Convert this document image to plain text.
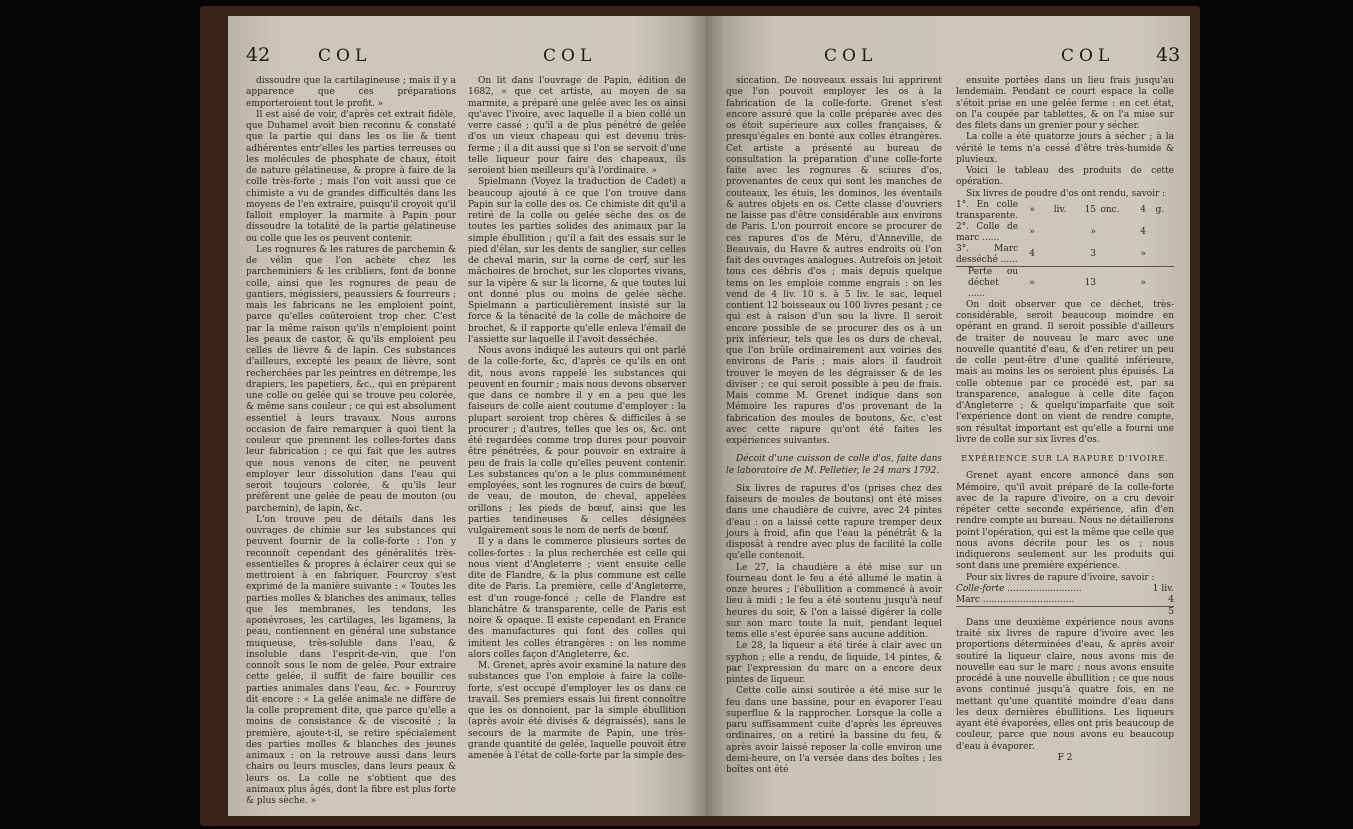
42	COL	COL

dissoudre que la cartilagineuse ; mais il y a apparence que ces préparations emporteroient tout le profit. »

Il est aisé de voir, d'après cet extrait fidèle, que Duhamel avoit bien reconnu & constaté que la partie qui dans les os lie & tient adhérentes entr'elles les parties terreuses ou les molécules de phosphate de chaux, étoit de nature gélatineuse, & propre à faire de la colle très-forte ; mais l'on voit aussi que ce chimiste a vu de grandes difficultés dans les moyens de l'en extraire, puisqu'il croyoit qu'il falloit employer la marmite à Papin pour dissoudre la totalité de la partie gélatineuse ou colle que les os peuvent contenir.

Les rognures & les ratures de parchemin & de vélin que l'on achète chez les parcheminiers & les cribliers, font de bonne colle, ainsi que les rognures de peau de gantiers, mégissiers, peaussiers & fourreurs ; mais les fabricans ne les emploient point, parce qu'elles coûteroient trop cher. C'est par la même raison qu'ils n'emploient point les peaux de castor, & qu'ils emploient peu celles de lièvre & de lapin. Ces substances d'ailleurs, excepté les peaux de lièvre, sont recherchées par les peintres en détrempe, les drapiers, les papetiers, &c., qui en préparent une colle ou gelée qui se trouve peu colorée, & même sans couleur ; ce qui est absolument essentiel à leurs travaux. Nous aurons occasion de faire remarquer à quoi tient la couleur que prennent les colles-fortes dans leur fabrication ; ce qui fait que les autres que nous venons de citer, ne peuvent employer leur dissolution dans l'eau qui seroit toujours colorée, & qu'ils leur préfèrent une gelée de peau de mouton (ou parchemin), de lapin, &c.

L'on trouve peu de détails dans les ouvrages de chimie sur les substances qui peuvent fournir de la colle-forte : l'on y reconnoît cependant des généralités très-essentielles & propres à éclairer ceux qui se mettroient à en fabriquer. Fourcroy s'est exprimé de la manière suivante : « Toutes les parties molles & blanches des animaux, telles que les membranes, les tendons, les aponévroses, les cartilages, les ligamens, la peau, contiennent en général une substance muqueuse, très-soluble dans l'eau, & insoluble dans l'esprit-de-vin, que l'on connoît sous le nom de gelée. Pour extraire cette gelée, il suffit de faire bouillir ces parties animales dans l'eau, &c. » Fourcroy dit encore : « La gelée animale ne diffère de la colle proprement dite, que parce qu'elle a moins de consistance & de viscosité ; la première, ajoute-t-il, se retire spécialement des parties molles & blanches des jeunes animaux : on la retrouve aussi dans leurs chairs ou leurs muscles, dans leurs peaux & leurs os. La colle ne s'obtient que des animaux plus âgés, dont la fibre est plus forte & plus sèche. »

On lit dans l'ouvrage de Papin, édition de 1682, « que cet artiste, au moyen de sa marmite, a préparé une gelée avec les os ainsi qu'avec l'ivoire, avec laquelle il a bien collé un verre cassé ; qu'il a de plus pénétré de gelée d'os un vieux chapeau qui est devenu très-ferme ; il a dit aussi que si l'on se servoit d'une telle liqueur pour faire des chapeaux, ils seroient bien meilleurs qu'à l'ordinaire. »

Spielmann (Voyez la traduction de Cadet) a beaucoup ajouté à ce que l'on trouve dans Papin sur la colle des os. Ce chimiste dit qu'il a retiré de la colle ou gelée sèche des os de toutes les parties solides des animaux par la simple ébullition ; qu'il a fait des essais sur le pied d'élan, sur les dents de sanglier, sur celles de cheval marin, sur la corne de cerf, sur les mâchoires de brochet, sur les cloportes vivans, sur la vipère & sur la licorne, & que toutes lui ont donné plus ou moins de gelée sèche. Spielmann a particulièrement insisté sur la force & la ténacité de la colle de mâchoire de brochet, & il rapporte qu'elle enleva l'émail de l'assiette sur laquelle il l'avoit desséchée.

Nous avons indiqué les auteurs qui ont parlé de la colle-forte, &c, d'après ce qu'ils en ont dit, nous avons rappelé les substances qui peuvent en fournir ; mais nous devons observer que dans ce nombre il y en a peu que les faiseurs de colle aient coutume d'employer : la plupart seroient trop chères & difficiles à se procurer ; d'autres, telles que les os, &c. ont été regardées comme trop dures pour pouvoir être pénétrées, & pour pouvoir en extraire à peu de frais la colle qu'elles peuvent contenir. Les substances qu'on a le plus communément employées, sont les rognures de cuirs de bœuf, de veau, de mouton, de cheval, appelées orillons ; les pieds de bœuf, ainsi que les parties tendineuses & celles désignées vulgairement sous le nom de nerfs de bœuf.

Il y a dans le commerce plusieurs sortes de colles-fortes : la plus recherchée est celle qui nous vient d'Angleterre ; vient ensuite celle dite de Flandre, & la plus commune est celle dite de Paris. La première, celle d'Angleterre, est d'un rouge-foncé ; celle de Flandre est blanchâtre & transparente, celle de Paris est noire & opaque. Il existe cependant en France des manufactures qui font des colles qui imitent les colles étrangères : on les nomme alors colles façon d'Angleterre, &c.

M. Grenet, après avoir examiné la nature des substances que l'on emploie à faire la colle-forte, s'est occupé d'employer les os dans ce travail. Ses premiers essais lui firent connoître que les os donnoient, par la simple ébullition (après avoir été divisés & dégraissés), sans le secours de la marmite de Papin, une très-grande quantité de gelée, laquelle pouvoit être amenée à l'état de colle-forte par la simple des-

COL	COL 43

siccation. De nouveaux essais lui apprirent que l'on pouvoit employer les os à la fabrication de la colle-forte. Grenet s'est encore assuré que la colle préparée avec des os étoit supérieure aux colles françaises, & presqu'égales en bonté aux colles étrangères. Cet artiste a présenté au bureau de consultation la préparation d'une colle-forte faite avec les rognures & sciures d'os, provenantes de ceux qui sont les manches de couteaux, les étuis, les dominos, les éventails & autres objets en os. Cette classe d'ouvriers ne laisse pas d'être considérable aux environs de Paris. L'on pourroit encore se procurer de ces rapures d'os de Méru, d'Anneville, de Beauvais, du Havre & autres endroits où l'on fait des ouvrages analogues. Autrefois on jetoit tous ces débris d'os ; mais depuis quelque tems on les emploie comme engrais : on les vend de 4 liv. 10 s. à 5 liv. le sac, lequel contient 12 boisseaux ou 100 livres pesant ; ce qui est à raison d'un sou la livre. Il seroit encore possible de se procurer des os à un prix inférieur, tels que les os durs de cheval, que l'on brûle ordinairement aux voiries des environs de Paris ; mais alors il faudroit trouver le moyen de les dégraisser & de les diviser ; ce qui seroit possible à peu de frais. Mais comme M. Grenet indique dans son Mémoire les rapures d'os provenant de la fabrication des moules de boutons, &c. c'est avec cette rapure qu'ont été faites les expériences suivantes.

Décoit d'une cuisson de colle d'os, faite dans le laboratoire de M. Pelletier, le 24 mars 1792.

Six livres de rapures d'os (prises chez des faiseurs de moules de boutons) ont été mises dans une chaudière de cuivre, avec 24 pintes d'eau : on a laissé cette rapure tremper deux jours à froid, afin que l'eau la pénétrât & la disposât à rendre avec plus de facilité la colle qu'elle contenoit.

Le 27, la chaudière a été mise sur un fourneau dont le feu a été allumé le matin à onze heures ; l'ébullition a commencé à avoir lieu à midi ; le feu a été soutenu jusqu'à neuf heures du soir, & l'on a laissé digérer la colle sur son marc toute la nuit, pendant lequel tems elle s'est épurée sans aucune addition.

Le 28, la liqueur a été tirée à clair avec un syphon ; elle a rendu, de liquide, 14 pintes, & par l'expression du marc on a encore deux pintes de liqueur.

Cette colle ainsi soutirée a été mise sur le feu dans une bassine, pour en évaporer l'eau superflue & la rapprocher. Lorsque la colle a paru suffisamment cuite d'après les épreuves ordinaires, on a retiré la bassine du feu, & après avoir laissé reposer la colle environ une demi-heure, on l'a versée dans des boîtes ; les boîtes ont été

ensuite portées dans un lieu frais jusqu'au lendemain. Pendant ce court espace la colle s'étoit prise en une gelée ferme : en cet état, on l'a coupée par tablettes, & on l'a mise sur des filets dans un grenier pour y sécher.

La colle a été quatorze jours à sécher ; à la vérité le tems n'a cessé d'être très-humide & pluvieux.

Voici le tableau des produits de cette opération.

Six livres de poudre d'os ont rendu, savoir :

1°. En colle transparente.	»	liv.	15	onc.	4	g.
2°. Colle de marc ......	»		»		4	
3°. Marc desséché ......	4		3		»	
Perte ou déchet ......	»		13		»	

On doit observer que ce déchet, très-considérable, seroit beaucoup moindre en opérant en grand. Il seroit possible d'ailleurs de traiter de nouveau le marc avec une nouvelle quantité d'eau, & d'en retirer un peu de colle peut-être d'une qualité inférieure, mais au moins les os seroient plus épuisés. La colle obtenue par ce procédé est, par sa transparence, analogue à celle dite façon d'Angleterre ; & quelqu'imparfaite que soit l'expérience dont on vient de rendre compte, son résultat important est qu'elle a fourni une livre de colle sur six livres d'os.

EXPÉRIENCE SUR LA RAPURE D'IVOIRE.

Grenet ayant encore annoncé dans son Mémoire, qu'il avoit préparé de la colle-forte avec de la rapure d'ivoire, on a cru devoir répéter cette seconde expérience, afin d'en rendre compte au bureau. Nous ne détaillerons point l'opération, qui est la même que celle que nous avons décrite pour les os ; nous indiquerons seulement sur les produits qui sont dans une première expérience.

Pour six livres de rapure d'ivoire, savoir :

Colle-forte ..........................	1 liv.
Marc ................................	4
	5

Dans une deuxième expérience nous avons traité six livres de rapure d'ivoire avec les proportions déterminées d'eau, & après avoir soutiré la liqueur claire, nous avons mis de nouvelle eau sur le marc ; nous avons ensuite procédé à une nouvelle ébullition ; ce que nous avons continué jusqu'à quatre fois, en ne mettant qu'une quantité moindre d'eau dans les deux dernières ébullitions. Les liqueurs ayant été évaporées, elles ont pris beaucoup de couleur, parce que nous avons eu beaucoup d'eau à évaporer.

F 2
